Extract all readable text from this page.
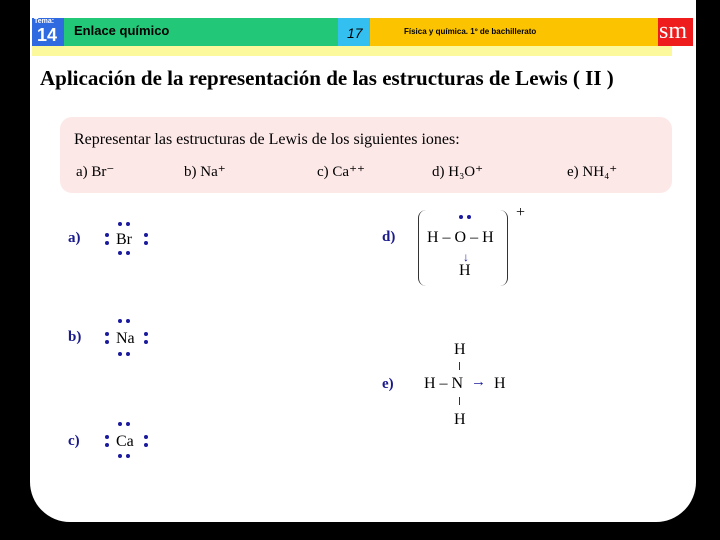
Tema:
14 Enlace químico	17	Física y química. 1º de bachillerato	sm
Aplicación de la representación de las estructuras de Lewis ( II )
Representar las estructuras de Lewis de los siguientes iones:
a) Br⁻	b) Na⁺	c) Ca⁺⁺	d) H₃O⁺	e) NH₄⁺
a) Br
b) Na
c) Ca
d) H – O – H
↓
H
+
e)
H
H – N → H
H
